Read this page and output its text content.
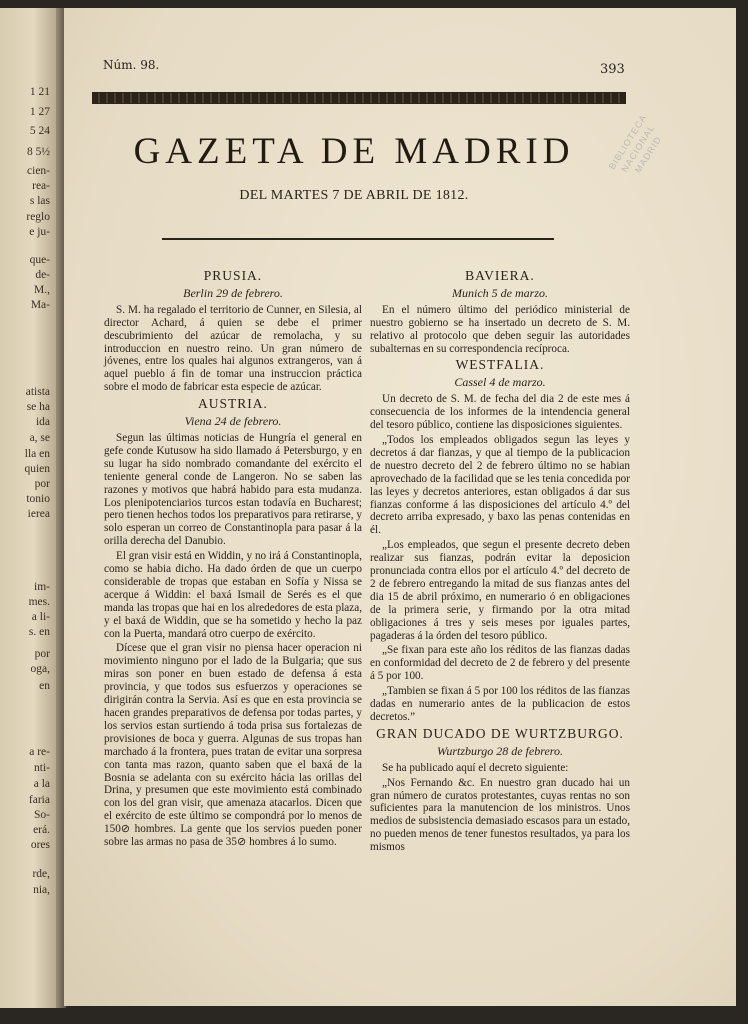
1 21
1 27
5 24
8 5½
cien-
rea-
s las
reglo
e ju-
que-
de-
M.,
Ma-
atista
se ha
ida
a, se
lla en
quien
por
tonio
ierea
im-
mes.
a li-
s. en
por
oga,
en
a re-
nti-
a la
faria
So-
erá.
ores
rde,
nia,
Núm. 98.	393
GAZETA DE MADRID
DEL MARTES 7 DE ABRIL DE 1812.
BIBLIOTECA NACIONAL MADRID
PRUSIA.
Berlin 29 de febrero.

S. M. ha regalado el territorio de Cunner, en Silesia, al director Achard, á quien se debe el primer descubrimiento del azúcar de remolacha, y su introduccion en nuestro reino. Un gran número de jóvenes, entre los quales hai algunos extrangeros, van á aquel pueblo á fin de tomar una instruccion práctica sobre el modo de fabricar esta especie de azúcar.

AUSTRIA.
Viena 24 de febrero.

Segun las últimas noticias de Hungría el general en gefe conde Kutusow ha sido llamado á Petersburgo, y en su lugar ha sido nombrado comandante del exército el teniente general conde de Langeron. No se saben las razones y motivos que habrá habido para esta mudanza. Los plenipotenciarios turcos estan todavía en Bucharest; pero tienen hechos todos los preparativos para retirarse, y solo esperan un correo de Constantinopla para pasar á la orilla derecha del Danubio.

El gran visir está en Widdin, y no irá á Constantinopla, como se habia dicho. Ha dado órden de que un cuerpo considerable de tropas que estaban en Sofía y Nissa se acerque á Widdin: el baxá Ismail de Serés es el que manda las tropas que hai en los alrededores de esta plaza, y el baxá de Widdin, que se ha sometido y hecho la paz con la Puerta, mandará otro cuerpo de exército.

Dícese que el gran visir no piensa hacer operacion ni movimiento ninguno por el lado de la Bulgaria; que sus miras son poner en buen estado de defensa á esta provincia, y que todos sus esfuerzos y operaciones se dirigirán contra la Servia. Así es que en esta provincia se hacen grandes preparativos de defensa por todas partes, y los servios estan surtiendo á toda prisa sus fortalezas de provisiones de boca y guerra. Algunas de sus tropas han marchado á la frontera, pues tratan de evitar una sorpresa con tanta mas razon, quanto saben que el baxá de la Bosnia se adelanta con su exército hácia las orillas del Drina, y presumen que este movimiento está combinado con los del gran visir, que amenaza atacarlos. Dicen que el exército de este último se compondrá por lo menos de 150⊘ hombres. La gente que los servios pueden poner sobre las armas no pasa de 35⊘ hombres á lo sumo.

BAVIERA.
Munich 5 de marzo.

En el número último del periódico ministerial de nuestro gobierno se ha insertado un decreto de S. M. relativo al protocolo que deben seguir las autoridades subalternas en su correspondencia recíproca.

WESTFALIA.
Cassel 4 de marzo.

Un decreto de S. M. de fecha del dia 2 de este mes á consecuencia de los informes de la intendencia general del tesoro público, contiene las disposiciones siguientes.

„Todos los empleados obligados segun las leyes y decretos á dar fianzas, y que al tiempo de la publicacion de nuestro decreto del 2 de febrero último no se habian aprovechado de la facilidad que se les tenia concedida por las leyes y decretos anteriores, estan obligados á dar sus fianzas conforme á las disposiciones del artículo 4.º del decreto arriba expresado, y baxo las penas contenidas en él.

„Los empleados, que segun el presente decreto deben realizar sus fianzas, podrán evitar la deposicion pronunciada contra ellos por el artículo 4.º del decreto de 2 de febrero entregando la mitad de sus fianzas antes del dia 15 de abril próximo, en numerario ó en obligaciones de la primera serie, y firmando por la otra mitad obligaciones á tres y seis meses por iguales partes, pagaderas á la órden del tesoro público.

„Se fixan para este año los réditos de las fianzas dadas en conformidad del decreto de 2 de febrero y del presente á 5 por 100.

„Tambien se fixan á 5 por 100 los réditos de las fianzas dadas en numerario antes de la publicacion de estos decretos.”

GRAN DUCADO DE WURTZBURGO.
Wurtzburgo 28 de febrero.

Se ha publicado aquí el decreto siguiente:

„Nos Fernando &c. En nuestro gran ducado hai un gran número de curatos protestantes, cuyas rentas no son suficientes para la manutencion de los ministros. Unos medios de subsistencia demasiado escasos para un estado, no pueden menos de tener funestos resultados, ya para los mismos
